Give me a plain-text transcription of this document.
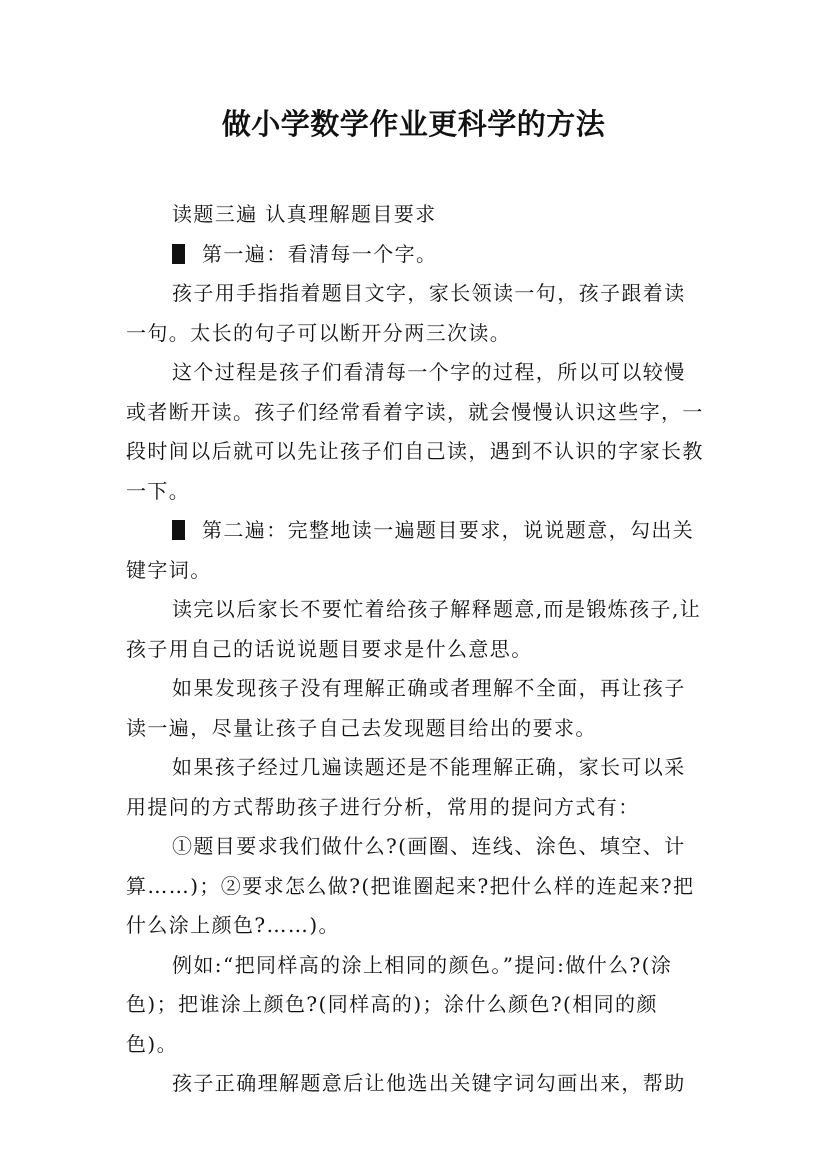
做小学数学作业更科学的方法

读题三遍 认真理解题目要求

第一遍：看清每一个字。

孩子用手指指着题目文字，家长领读一句，孩子跟着读一句。太长的句子可以断开分两三次读。

这个过程是孩子们看清每一个字的过程，所以可以较慢或者断开读。孩子们经常看着字读，就会慢慢认识这些字，一段时间以后就可以先让孩子们自己读，遇到不认识的字家长教一下。

第二遍：完整地读一遍题目要求，说说题意，勾出关键字词。

读完以后家长不要忙着给孩子解释题意,而是锻炼孩子,让孩子用自己的话说说题目要求是什么意思。

如果发现孩子没有理解正确或者理解不全面，再让孩子读一遍，尽量让孩子自己去发现题目给出的要求。

如果孩子经过几遍读题还是不能理解正确，家长可以采用提问的方式帮助孩子进行分析，常用的提问方式有：

①题目要求我们做什么?(画圈、连线、涂色、填空、计算……)；②要求怎么做?(把谁圈起来?把什么样的连起来?把什么涂上颜色?……)。

例如:“把同样高的涂上相同的颜色。”提问:做什么?(涂色)；把谁涂上颜色?(同样高的)；涂什么颜色?(相同的颜色)。

孩子正确理解题意后让他选出关键字词勾画出来，帮助
